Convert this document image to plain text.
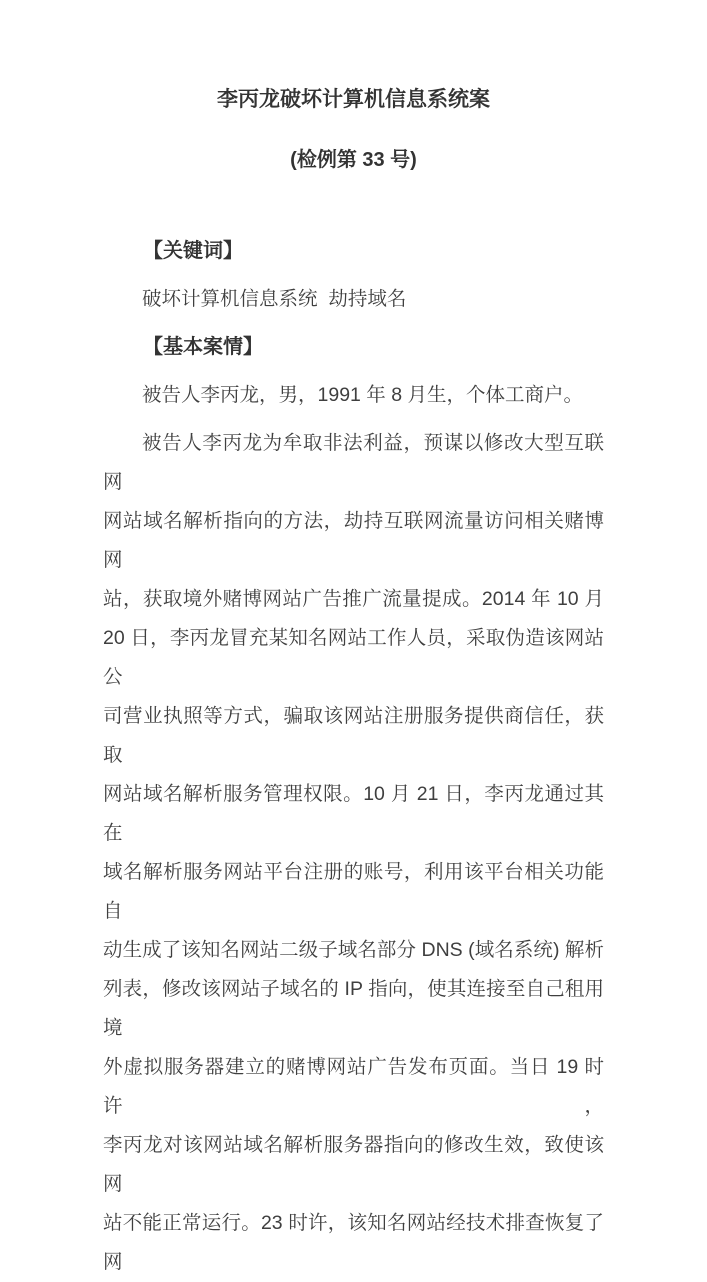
李丙龙破坏计算机信息系统案
(检例第 33 号)
【关键词】
破坏计算机信息系统  劫持域名
【基本案情】
被告人李丙龙，男，1991 年 8 月生，个体工商户。
被告人李丙龙为牟取非法利益，预谋以修改大型互联网
网站域名解析指向的方法，劫持互联网流量访问相关赌博网
站，获取境外赌博网站广告推广流量提成。2014 年 10 月
20 日，李丙龙冒充某知名网站工作人员，采取伪造该网站公
司营业执照等方式，骗取该网站注册服务提供商信任，获取
网站域名解析服务管理权限。10 月 21 日，李丙龙通过其在
域名解析服务网站平台注册的账号，利用该平台相关功能自
动生成了该知名网站二级子域名部分 DNS (域名系统) 解析
列表，修改该网站子域名的 IP 指向，使其连接至自己租用境
外虚拟服务器建立的赌博网站广告发布页面。当日 19 时许，
李丙龙对该网站域名解析服务器指向的修改生效，致使该网
站不能正常运行。23 时许，该知名网站经技术排查恢复了网
